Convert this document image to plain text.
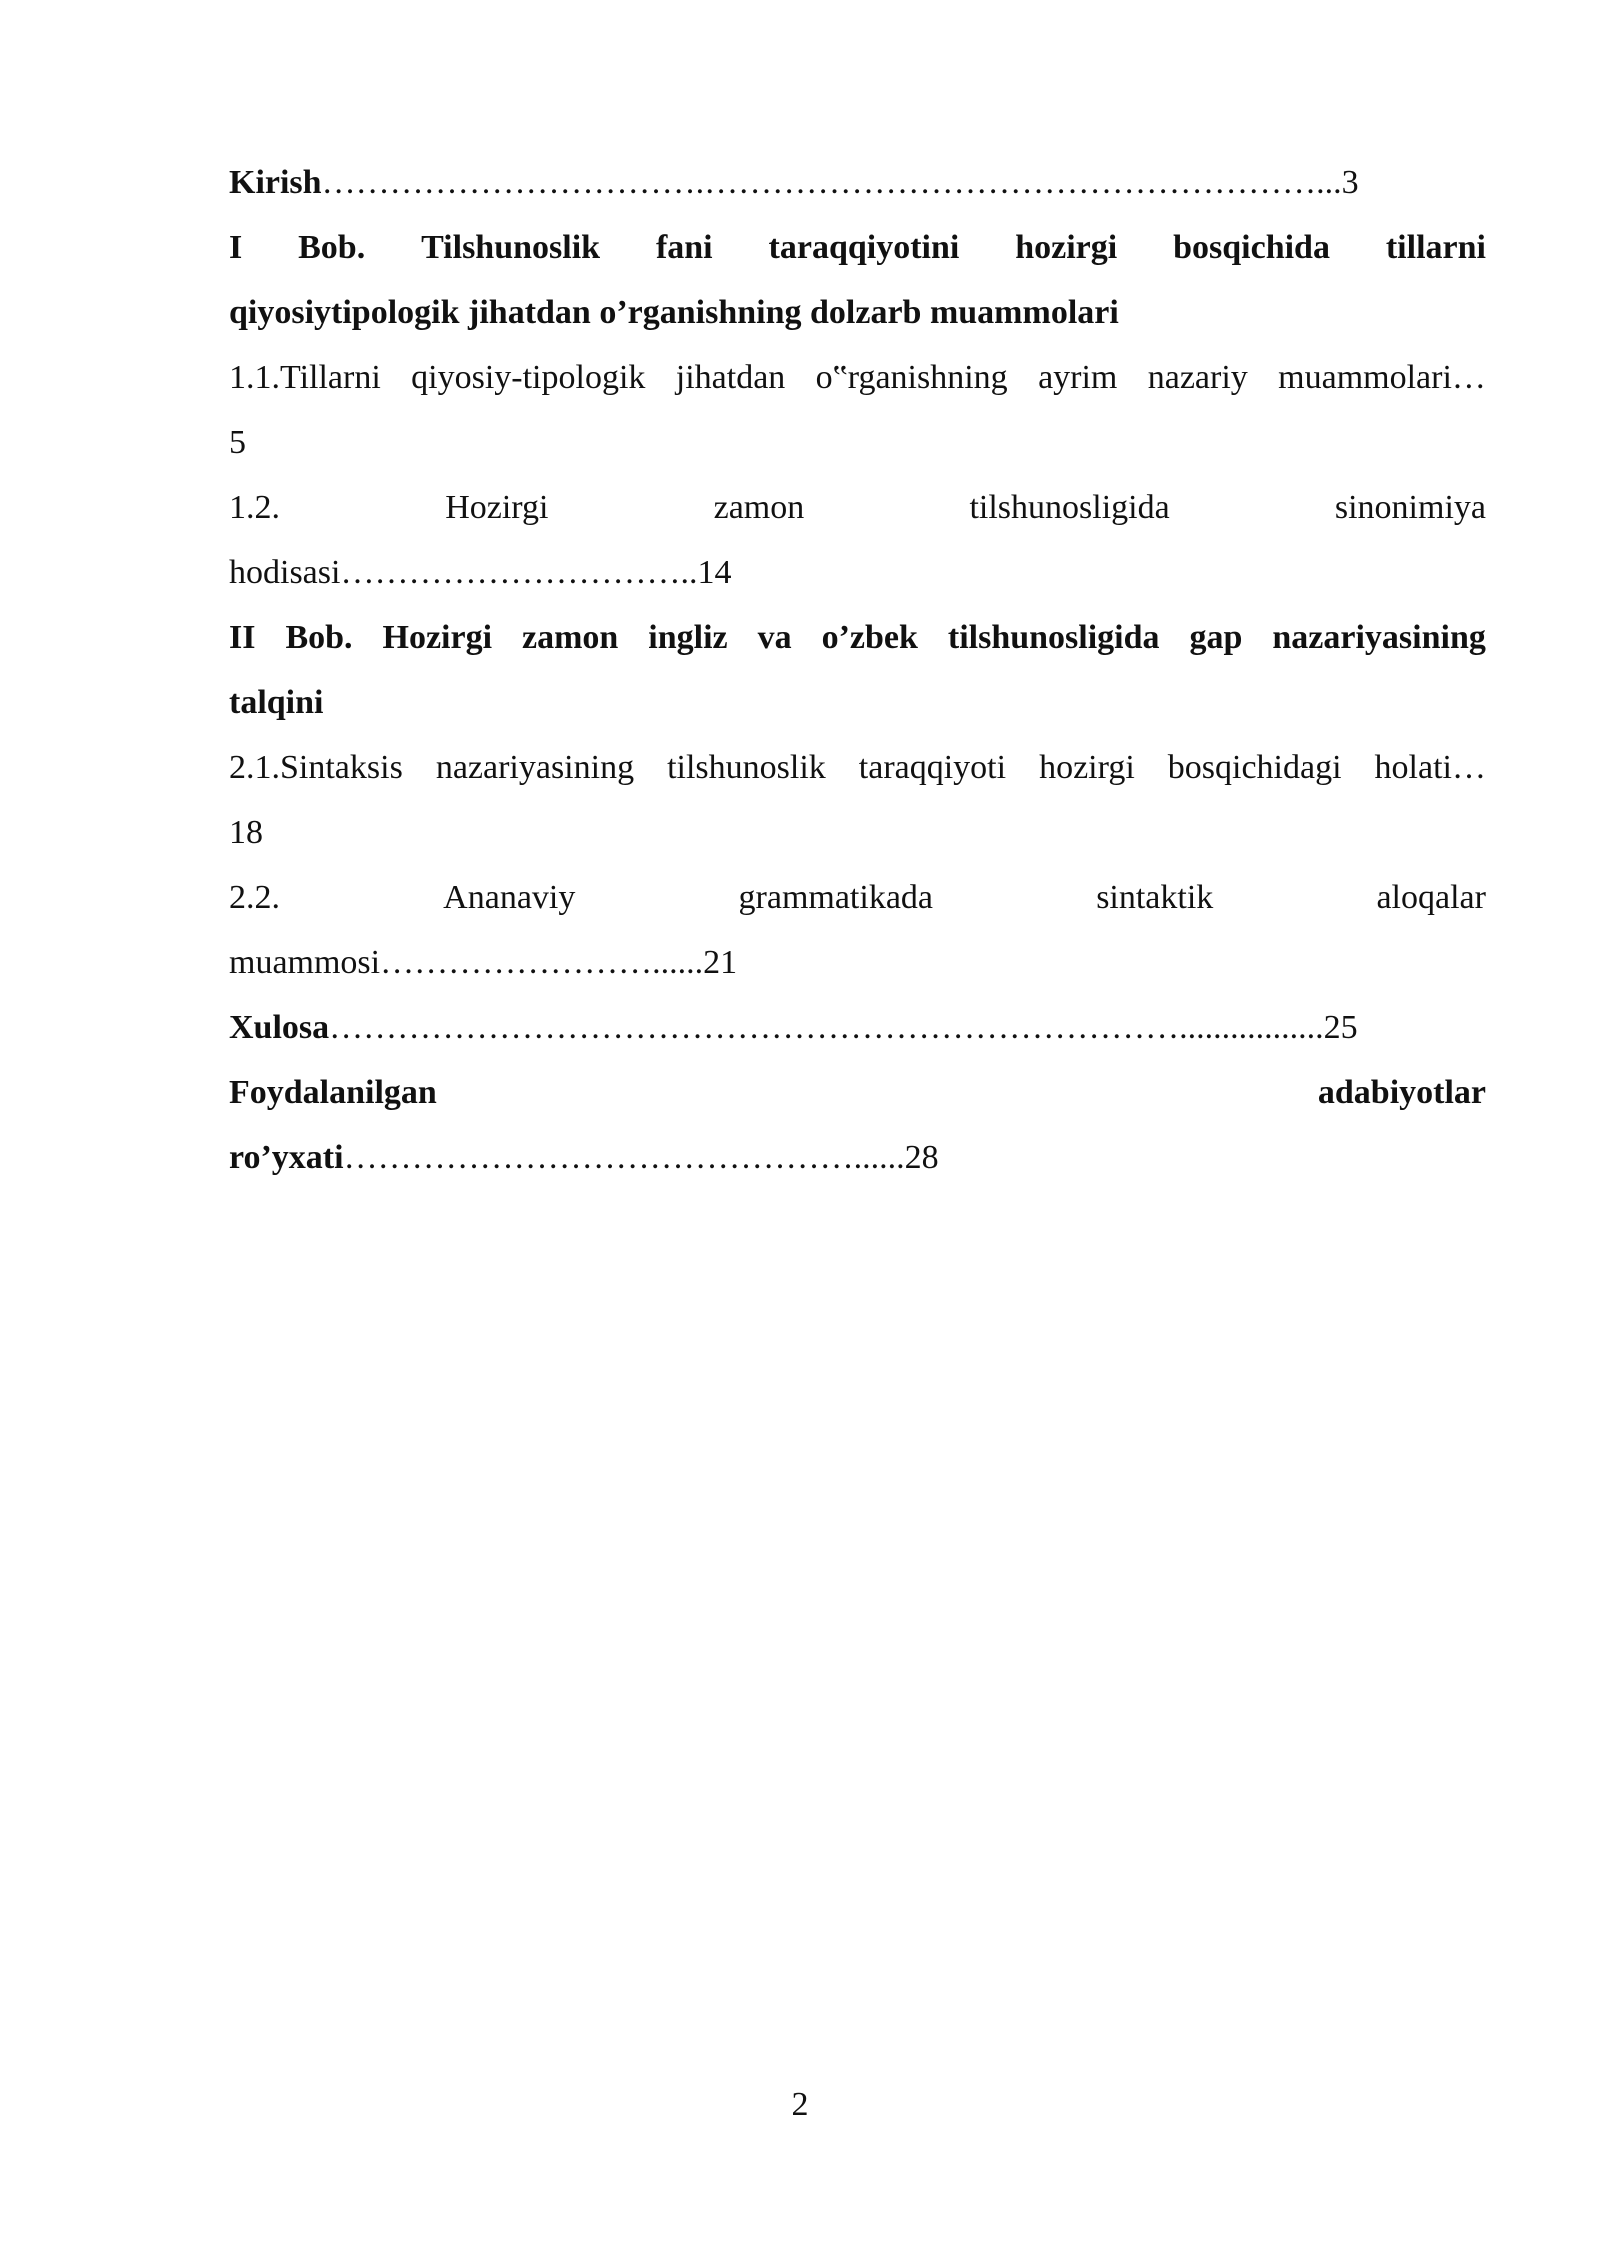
Kirish…………………………….………………………………………………...3
I Bob. Tilshunoslik fani taraqqiyotini hozirgi bosqichida tillarni
qiyosiytipologik jihatdan o’rganishning dolzarb muammolari
1.1.Tillarni qiyosiy-tipologik jihatdan o‟rganishning ayrim nazariy muammolari…
5
1.2.	Hozirgi	zamon	tilshunosligida	sinonimiya
hodisasi…………………………..14
II Bob. Hozirgi zamon ingliz va o’zbek tilshunosligida gap nazariyasining
talqini
2.1.Sintaksis nazariyasining tilshunoslik taraqqiyoti hozirgi bosqichidagi holati…
18
2.2.	Ananaviy	grammatikada	sintaktik	aloqalar
muammosi……………………......21
Xulosa………………………………………………………………….................25
Foydalanilgan	adabiyotlar
ro’yxati………………………………………......28
2
